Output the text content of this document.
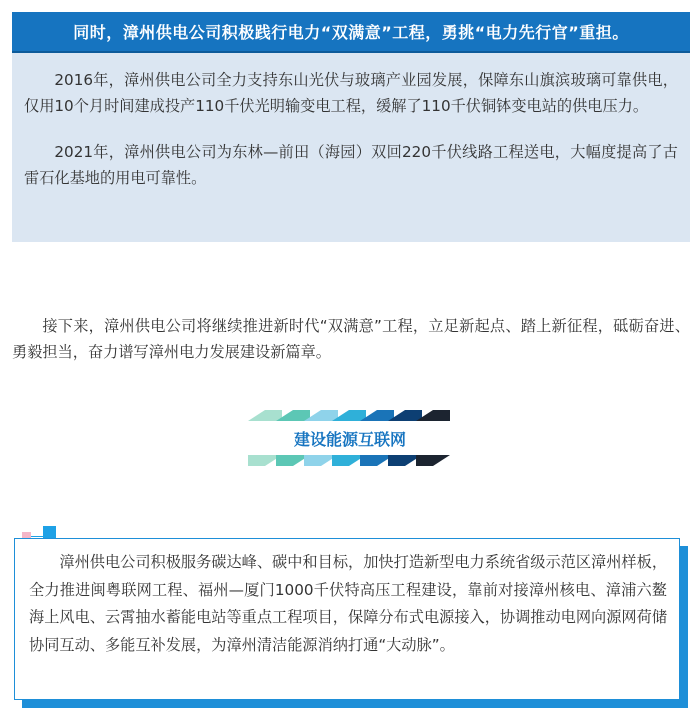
同时，漳州供电公司积极践行电力“双满意”工程，勇挑“电力先行官”重担。

2016年，漳州供电公司全力支持东山光伏与玻璃产业园发展，保障东山旗滨玻璃可靠供电，仅用10个月时间建成投产110千伏光明输变电工程，缓解了110千伏铜钵变电站的供电压力。

2021年，漳州供电公司为东林—前田（海园）双回220千伏线路工程送电，大幅度提高了古雷石化基地的用电可靠性。

接下来，漳州供电公司将继续推进新时代“双满意”工程，立足新起点、踏上新征程，砥砺奋进、勇毅担当，奋力谱写漳州电力发展建设新篇章。

建设能源互联网

漳州供电公司积极服务碳达峰、碳中和目标，加快打造新型电力系统省级示范区漳州样板，全力推进闽粤联网工程、福州—厦门1000千伏特高压工程建设，靠前对接漳州核电、漳浦六鳌海上风电、云霄抽水蓄能电站等重点工程项目，保障分布式电源接入，协调推动电网向源网荷储协同互动、多能互补发展，为漳州清洁能源消纳打通“大动脉”。
